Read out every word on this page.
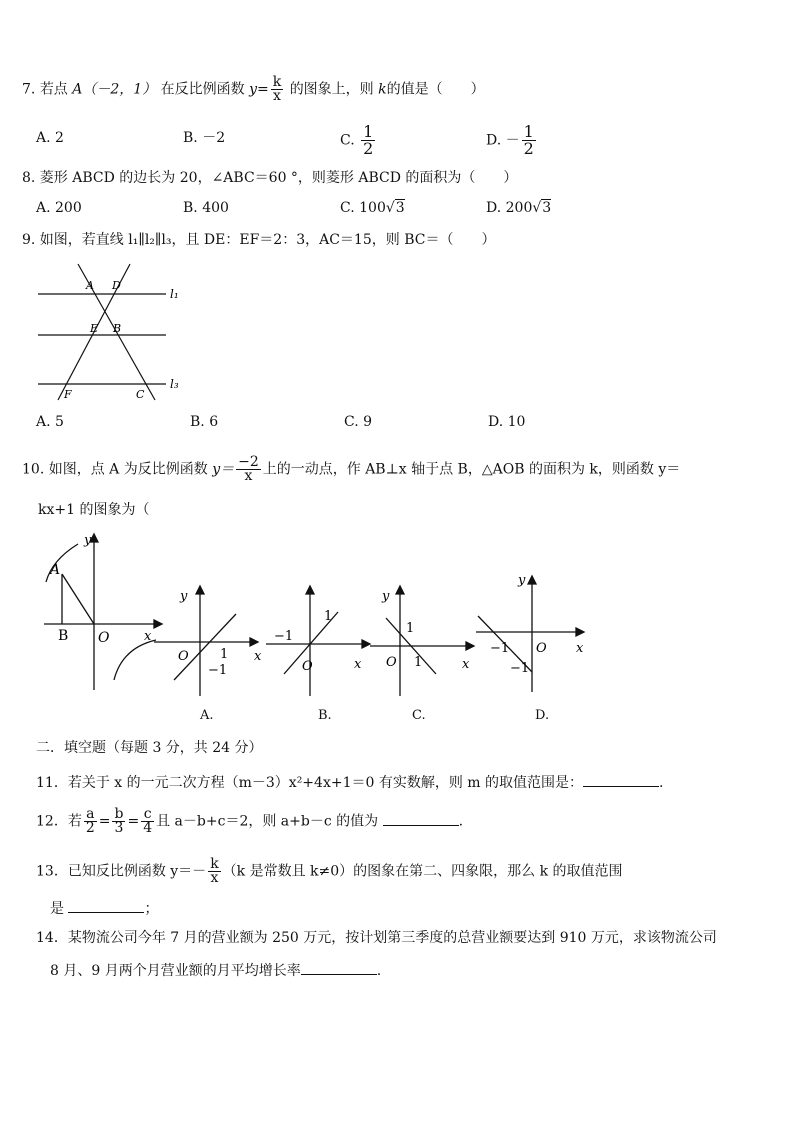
7. 若点 A（－2，1） 在反比例函数 $y= \frac{k}{x}$ 的图象上，则 k的值是（　　）
A. 2	B. －2	C. $\frac{1}{2}$	D. － $\frac{1}{2}$
8. 菱形 ABCD 的边长为 20，∠ABC＝60 °，则菱形 ABCD 的面积为（　　）
A. 200	B. 400	C. 100√3	D. 200√3
9. 如图，若直线 l₁∥l₂∥l₃，且 DE：EF＝2：3，AC＝15，则 BC＝（　　）
A D
E B
F	C
l₁
l₃
A. 5	B. 6	C. 9	D. 10
10. 如图，点 A 为反比例函数 $y= \frac{-2}{x}$ 上的一动点，作 AB⊥x 轴于点 B，△AOB 的面积为 k，则函数 y＝
kx+1 的图象为（
A
B O	x
y
y
O 1
−1
x
A.
−1
1
O	x
B.
y
1
1
O	x
C.
y
−1 O
−1
x
D.
二．填空题（每题 3 分，共 24 分）
11．若关于 x 的一元二次方程（m－3）x²+4x+1＝0 有实数解，则 m 的取值范围是：	.
12．若 $\frac{a}{2} = \frac{b}{3} = \frac{c}{4}$ 且 a－b+c＝2，则 a+b－c 的值为	.
13．已知反比例函数 $y=- \frac{k}{x} (k$ 是常数且 k≠0）的图象在第二、四象限，那么 k 的取值范围
是	；
14．某物流公司今年 7 月的营业额为 250 万元，按计划第三季度的总营业额要达到 910 万元，求该物流公司
8 月、9 月两个月营业额的月平均增长率	.
